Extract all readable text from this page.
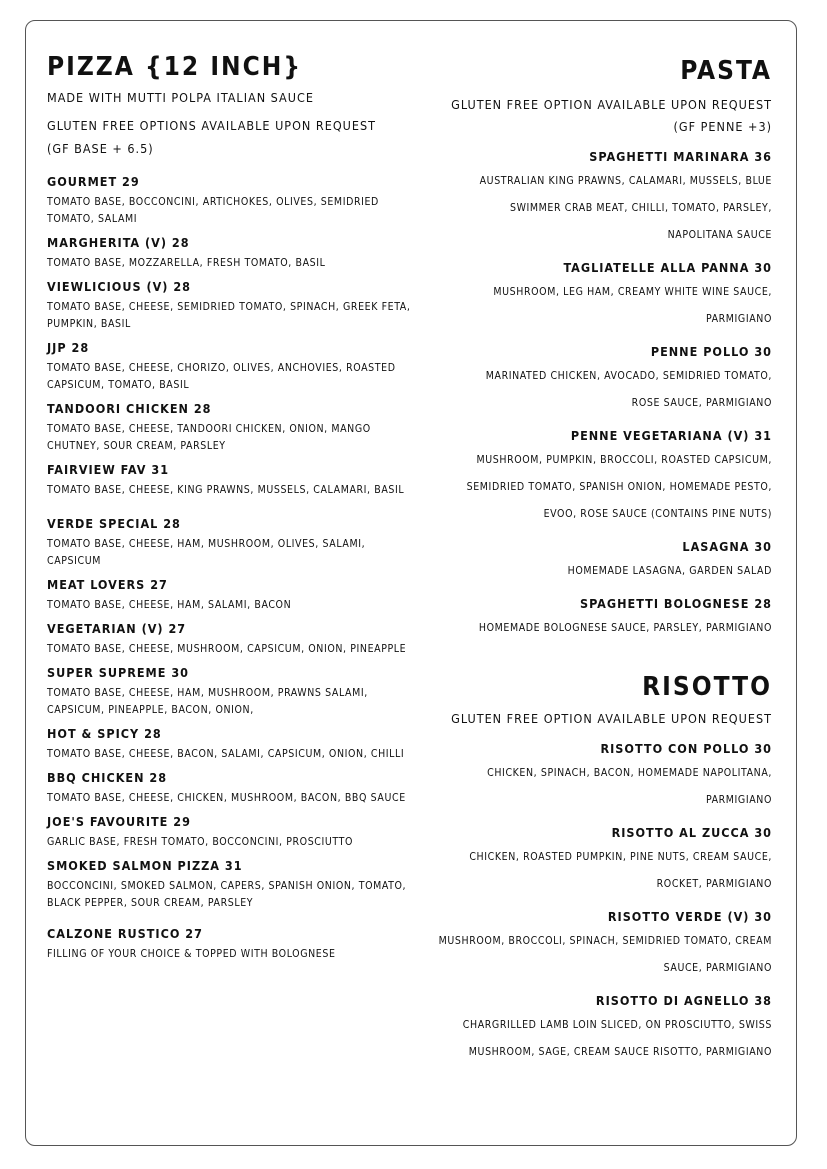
PIZZA {12 INCH}

MADE WITH MUTTI POLPA ITALIAN SAUCE

GLUTEN FREE OPTIONS AVAILABLE UPON REQUEST

(GF BASE + 6.5)

GOURMET 29

TOMATO BASE, BOCCONCINI, ARTICHOKES, OLIVES, SEMIDRIED TOMATO, SALAMI

MARGHERITA (V) 28

TOMATO BASE, MOZZARELLA, FRESH TOMATO, BASIL

VIEWLICIOUS (V) 28

TOMATO BASE, CHEESE, SEMIDRIED TOMATO, SPINACH, GREEK FETA, PUMPKIN, BASIL

JJP 28

TOMATO BASE, CHEESE, CHORIZO, OLIVES, ANCHOVIES, ROASTED CAPSICUM, TOMATO, BASIL

TANDOORI CHICKEN 28

TOMATO BASE, CHEESE, TANDOORI CHICKEN, ONION, MANGO CHUTNEY, SOUR CREAM, PARSLEY

FAIRVIEW FAV 31

TOMATO BASE, CHEESE, KING PRAWNS, MUSSELS, CALAMARI, BASIL

VERDE SPECIAL 28

TOMATO BASE, CHEESE, HAM, MUSHROOM, OLIVES, SALAMI, CAPSICUM

MEAT LOVERS 27

TOMATO BASE, CHEESE, HAM, SALAMI, BACON

VEGETARIAN (V) 27

TOMATO BASE, CHEESE, MUSHROOM, CAPSICUM, ONION, PINEAPPLE

SUPER SUPREME 30

TOMATO BASE, CHEESE, HAM, MUSHROOM, PRAWNS SALAMI, CAPSICUM, PINEAPPLE, BACON, ONION,

HOT & SPICY 28

TOMATO BASE, CHEESE, BACON, SALAMI, CAPSICUM, ONION, CHILLI

BBQ CHICKEN 28

TOMATO BASE, CHEESE, CHICKEN, MUSHROOM, BACON, BBQ SAUCE

JOE'S FAVOURITE 29

GARLIC BASE, FRESH TOMATO, BOCCONCINI, PROSCIUTTO

SMOKED SALMON PIZZA 31

BOCCONCINI, SMOKED SALMON, CAPERS, SPANISH ONION, TOMATO, BLACK PEPPER, SOUR CREAM, PARSLEY

CALZONE RUSTICO 27

FILLING OF YOUR CHOICE & TOPPED WITH BOLOGNESE

PASTA

GLUTEN FREE OPTION AVAILABLE UPON REQUEST

(GF PENNE +3)

SPAGHETTI MARINARA 36

AUSTRALIAN KING PRAWNS, CALAMARI, MUSSELS, BLUE

SWIMMER CRAB MEAT, CHILLI, TOMATO, PARSLEY,

NAPOLITANA SAUCE

TAGLIATELLE ALLA PANNA 30

MUSHROOM, LEG HAM, CREAMY WHITE WINE SAUCE,

PARMIGIANO

PENNE POLLO 30

MARINATED CHICKEN, AVOCADO, SEMIDRIED TOMATO,

ROSE SAUCE, PARMIGIANO

PENNE VEGETARIANA (V) 31

MUSHROOM, PUMPKIN, BROCCOLI, ROASTED CAPSICUM,

SEMIDRIED TOMATO, SPANISH ONION, HOMEMADE PESTO,

EVOO, ROSE SAUCE (CONTAINS PINE NUTS)

LASAGNA 30

HOMEMADE LASAGNA, GARDEN SALAD

SPAGHETTI BOLOGNESE 28

HOMEMADE BOLOGNESE SAUCE, PARSLEY, PARMIGIANO

RISOTTO

GLUTEN FREE OPTION AVAILABLE UPON REQUEST

RISOTTO CON POLLO 30

CHICKEN, SPINACH, BACON, HOMEMADE NAPOLITANA,

PARMIGIANO

RISOTTO AL ZUCCA 30

CHICKEN, ROASTED PUMPKIN, PINE NUTS, CREAM SAUCE,

ROCKET, PARMIGIANO

RISOTTO VERDE (V) 30

MUSHROOM, BROCCOLI, SPINACH, SEMIDRIED TOMATO, CREAM

SAUCE, PARMIGIANO

RISOTTO DI AGNELLO 38

CHARGRILLED LAMB LOIN SLICED, ON PROSCIUTTO, SWISS

MUSHROOM, SAGE, CREAM SAUCE RISOTTO, PARMIGIANO
